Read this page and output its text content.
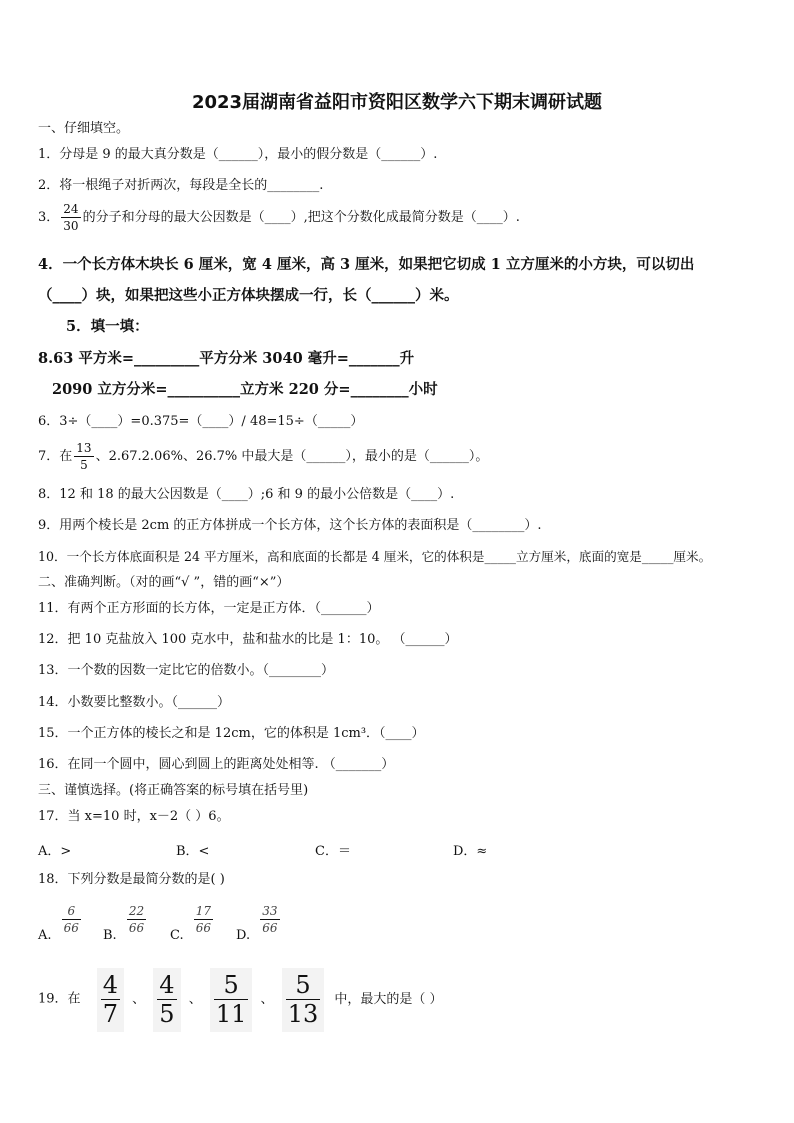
2023届湖南省益阳市资阳区数学六下期末调研试题
一、仔细填空。
1．分母是 9 的最大真分数是（______），最小的假分数是（______）.
2．将一根绳子对折两次，每段是全长的________.
3． $\frac{24}{30}$ 的分子和分母的最大公因数是（____）,把这个分数化成最简分数是（____）.
4．一个长方体木块长 6 厘米，宽 4 厘米，高 3 厘米，如果把它切成 1 立方厘米的小方块，可以切出
（____）块，如果把这些小正方体块摆成一行，长（______）米。
5．填一填：
8.63 平方米=_________平方分米 3040 毫升=_______升
2090 立方分米=__________立方米 220 分=________小时
6．3÷（____）=0.375=（____）/ 48=15÷（_____）
7．在 $\frac{13}{5}$ 、2.67.2.06%、26.7% 中最大是（______），最小的是（______）。
8．12 和 18 的最大公因数是（____）;6 和 9 的最小公倍数是（____）.
9．用两个棱长是 2cm 的正方体拼成一个长方体，这个长方体的表面积是（________）.
10．一个长方体底面积是 24 平方厘米，高和底面的长都是 4 厘米，它的体积是_____立方厘米，底面的宽是_____厘米。
二、准确判断。（对的画“√ ”，错的画“×”）
11．有两个正方形面的长方体，一定是正方体．（_______）
12．把 10 克盐放入 100 克水中，盐和盐水的比是 1：10。 （______）
13．一个数的因数一定比它的倍数小。（________）
14．小数要比整数小。（______）
15．一个正方体的棱长之和是 12cm，它的体积是 1cm³．（____）
16．在同一个圆中，圆心到圆上的距离处处相等. （_______）
三、谨慎选择。(将正确答案的标号填在括号里)
17．当 x=10 时，x－2（ ）6。
A．>	B．<	C．＝	D．≈
18．下列分数是最简分数的是( )
A.
$\frac{6}{66}$
B.
$\frac{22}{66}$
C.
$\frac{17}{66}$
D.
$\frac{33}{66}$
19．在 $\frac{4}{7}$ 、 $\frac{4}{5}$ 、 $\frac{5}{11}$ 、 $\frac{5}{13}$ 中，最大的是（ ）
